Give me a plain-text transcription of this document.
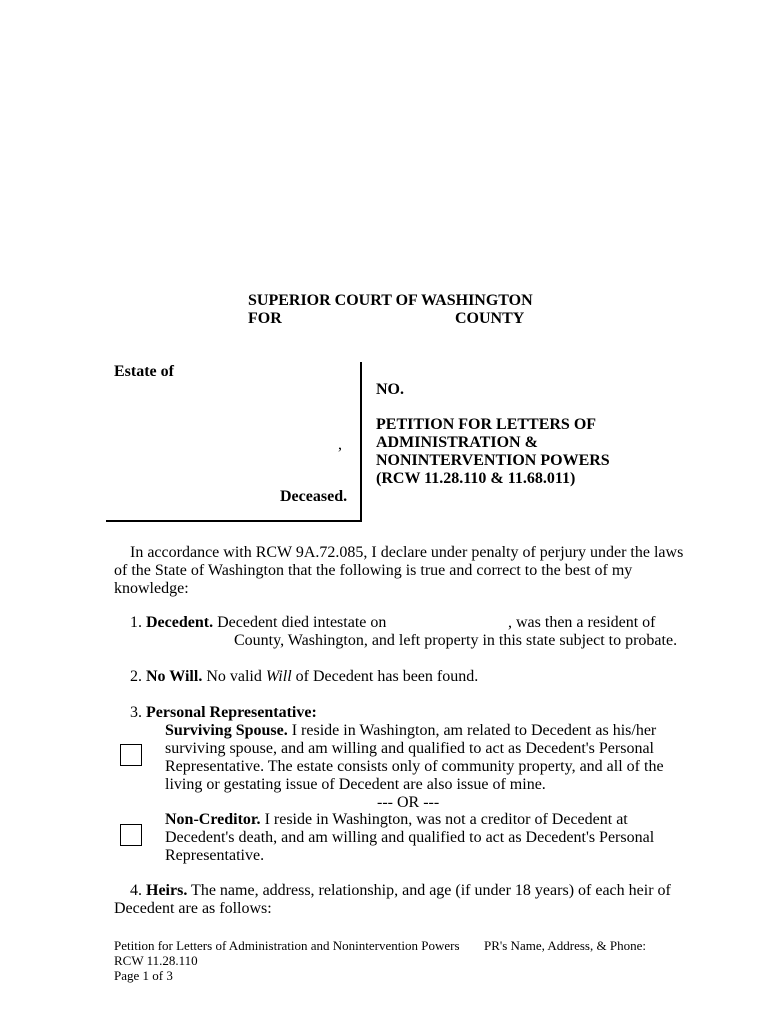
SUPERIOR COURT OF WASHINGTON
FOR	COUNTY
Estate of
,
Deceased.
NO.
PETITION FOR LETTERS OF
ADMINISTRATION &
NONINTERVENTION POWERS
(RCW 11.28.110 & 11.68.011)
In accordance with RCW 9A.72.085, I declare under penalty of perjury under the laws
of the State of Washington that the following is true and correct to the best of my
knowledge:
1. Decedent. Decedent died intestate on	, was then a resident of
County, Washington, and left property in this state subject to probate.
2. No Will. No valid Will of Decedent has been found.
3. Personal Representative:
Surviving Spouse. I reside in Washington, am related to Decedent as his/her
surviving spouse, and am willing and qualified to act as Decedent's Personal
Representative. The estate consists only of community property, and all of the
living or gestating issue of Decedent are also issue of mine.
--- OR ---
Non-Creditor. I reside in Washington, was not a creditor of Decedent at
Decedent's death, and am willing and qualified to act as Decedent's Personal
Representative.
4. Heirs. The name, address, relationship, and age (if under 18 years) of each heir of
Decedent are as follows:
Petition for Letters of Administration and Nonintervention Powers
RCW 11.28.110
Page 1 of 3
PR's Name, Address, & Phone:
